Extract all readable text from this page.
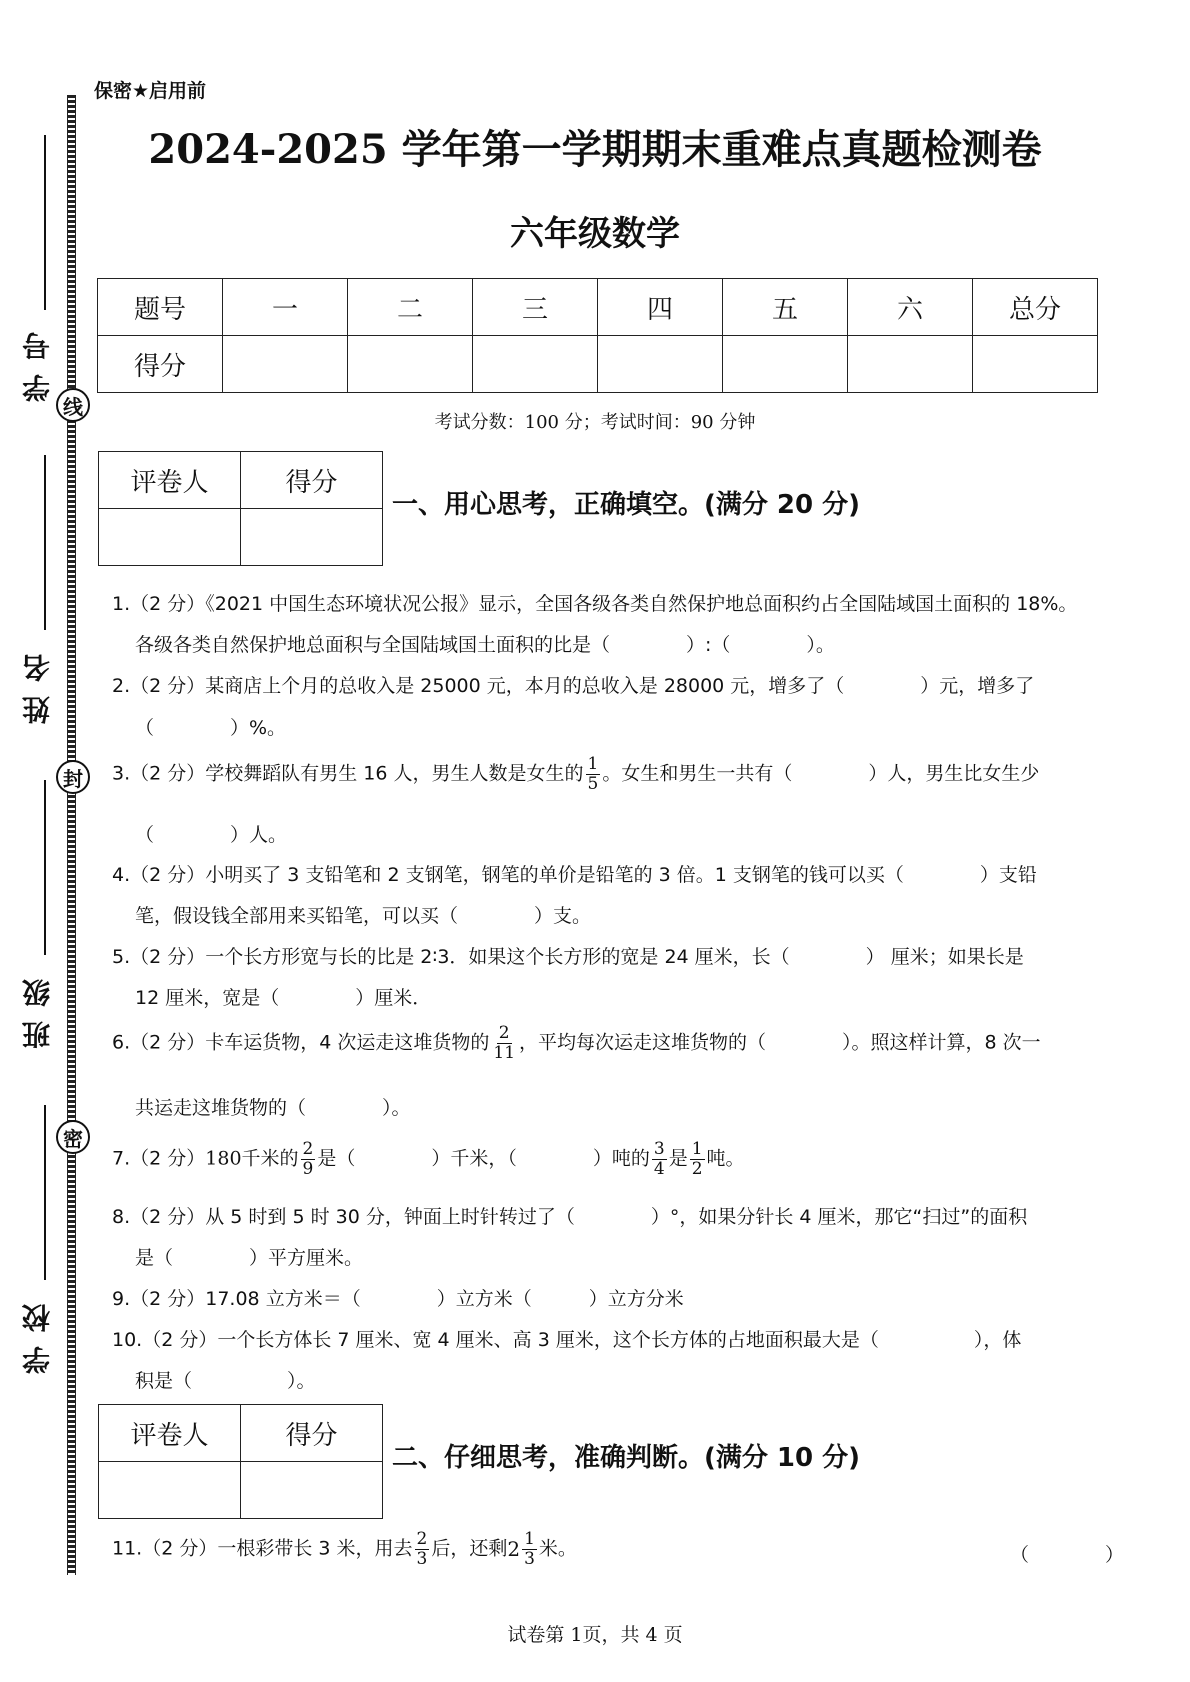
学号
线
姓名
封
班级
密
学校
保密★启用前
2024-2025 学年第一学期期末重难点真题检测卷
六年级数学
题号	一	二	三	四	五	六	总分
得分							
考试分数：100 分；考试时间：90 分钟
评卷人	得分

一、用心思考，正确填空。(满分 20 分)
1.（2 分）《2021 中国生态环境状况公报》显示，全国各级各类自然保护地总面积约占全国陆域国土面积的 18%。
各级各类自然保护地总面积与全国陆域国土面积的比是（　　　　）:（　　　　）。
2.（2 分）某商店上个月的总收入是 25000 元，本月的总收入是 28000 元，增多了（　　　　）元，增多了
（　　　　）%。
3.（2 分）学校舞蹈队有男生 16 人，男生人数是女生的 $\frac{1}{5}$ 。女生和男生一共有（　　　　）人，男生比女生少
（　　　　）人。
4.（2 分）小明买了 3 支铅笔和 2 支钢笔，钢笔的单价是铅笔的 3 倍。1 支钢笔的钱可以买（　　　　）支铅
笔，假设钱全部用来买铅笔，可以买（　　　　）支。
5.（2 分）一个长方形宽与长的比是 2∶3．如果这个长方形的宽是 24 厘米，长（　　　　） 厘米；如果长是
12 厘米，宽是（　　　　）厘米．
6.（2 分）卡车运货物，4 次运走这堆货物的 $\frac{2}{11}$ ，平均每次运走这堆货物的（　　　　）。照这样计算，8 次一
共运走这堆货物的（　　　　）。
7.（2 分）180千米的 $\frac{2}{9}$ 是（　　　　）千米，（　　　　）吨的 $\frac{3}{4}$ 是 $\frac{1}{2}$ 吨。
8.（2 分）从 5 时到 5 时 30 分，钟面上时针转过了（　　　　）°，如果分针长 4 厘米，那它“扫过”的面积
是（　　　　）平方厘米。
9.（2 分）17.08 立方米＝（　　　　）立方米（　　　）立方分米
10.（2 分）一个长方体长 7 厘米、宽 4 厘米、高 3 厘米，这个长方体的占地面积最大是（　　　　　），体
积是（　　　　　）。
评卷人	得分

二、仔细思考，准确判断。(满分 10 分)
11.（2 分）一根彩带长 3 米，用去 $\frac{2}{3}$ 后，还剩$2 \frac{1}{3}$ 米。	（　　　　）
试卷第 1页，共 4 页
